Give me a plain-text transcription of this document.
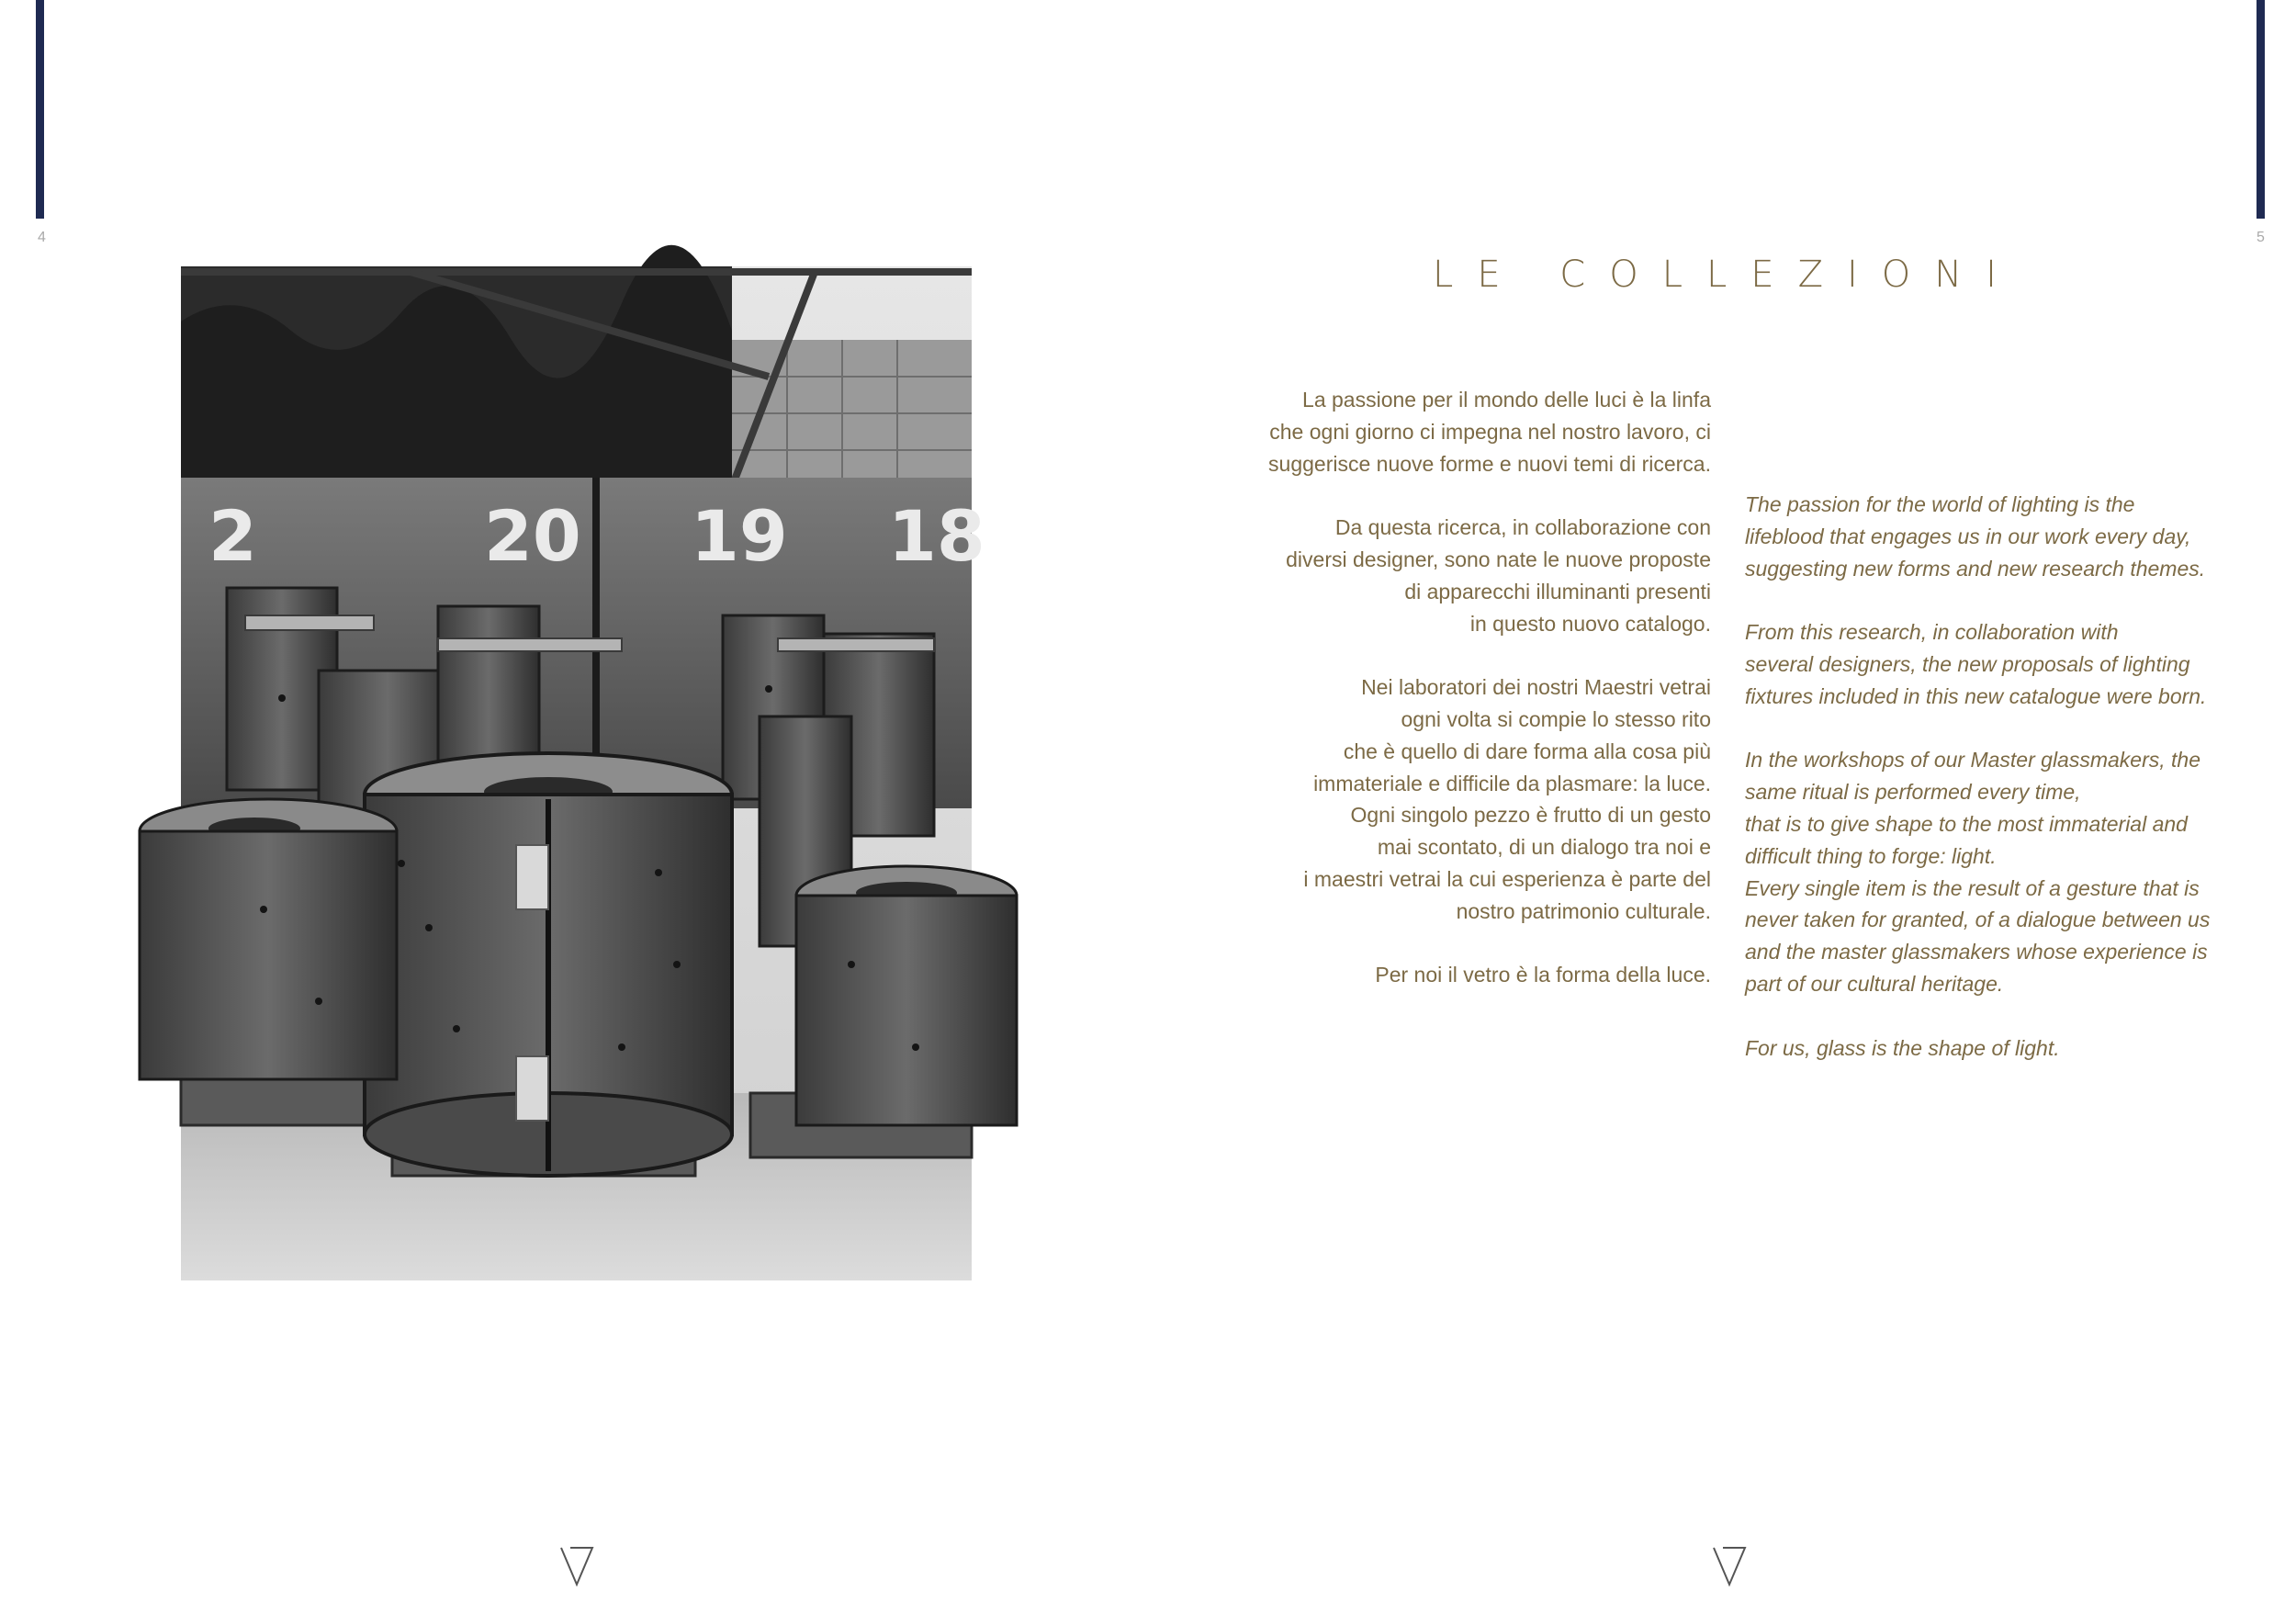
4	5
2	20 19 18
LE COLLEZIONI
La passione per il mondo delle luci è la linfa
che ogni giorno ci impegna nel nostro lavoro, ci
suggerisce nuove forme e nuovi temi di ricerca.
Da questa ricerca, in collaborazione con
diversi designer, sono nate le nuove proposte
di apparecchi illuminanti presenti
in questo nuovo catalogo.
Nei laboratori dei nostri Maestri vetrai
ogni volta si compie lo stesso rito
che è quello di dare forma alla cosa più
immateriale e difficile da plasmare: la luce.
Ogni singolo pezzo è frutto di un gesto
mai scontato, di un dialogo tra noi e
i maestri vetrai la cui esperienza è parte del
nostro patrimonio culturale.
Per noi il vetro è la forma della luce.
The passion for the world of lighting is the
lifeblood that engages us in our work every day,
suggesting new forms and new research themes.
From this research, in collaboration with
several designers, the new proposals of lighting
fixtures included in this new catalogue were born.
In the workshops of our Master glassmakers, the
same ritual is performed every time,
that is to give shape to the most immaterial and
difficult thing to forge: light.
Every single item is the result of a gesture that is
never taken for granted, of a dialogue between us
and the master glassmakers whose experience is
part of our cultural heritage.
For us, glass is the shape of light.
